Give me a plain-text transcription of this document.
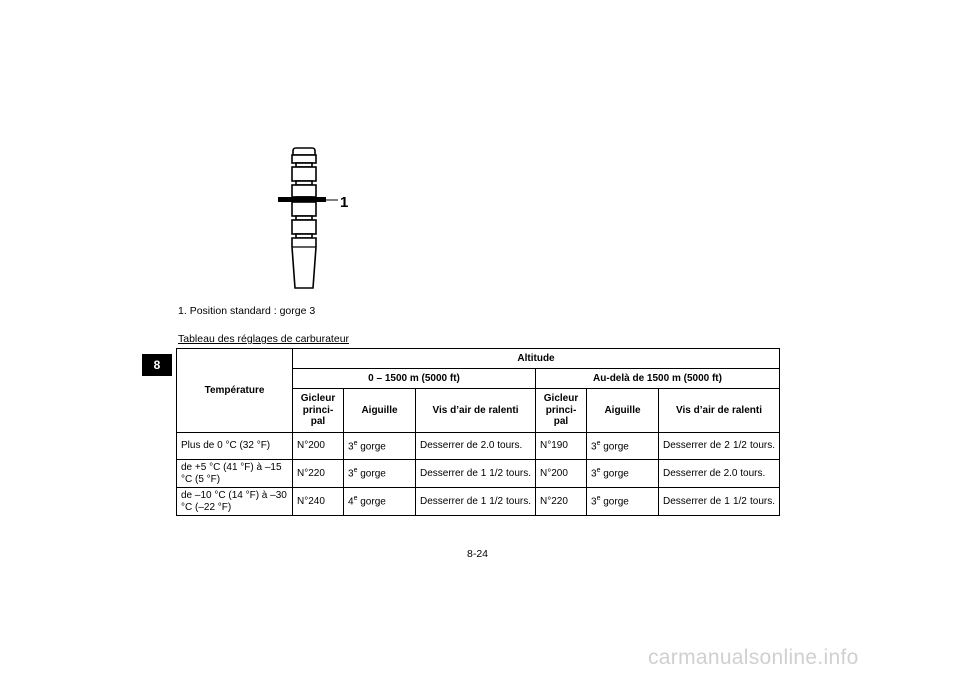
8
1
1. Position standard : gorge 3
Tableau des réglages de carburateur
Température	Altitude					
	0 – 1500 m (5000 ft)			Au-delà de 1500 m (5000 ft)		
	Gicleur princi-pal	Aiguille	Vis d’air de ralenti	Gicleur princi-pal	Aiguille	Vis d’air de ralenti
Plus de 0 °C (32 °F)	N°200	3e gorge	Desserrer de 2.0 tours.	N°190	3e gorge	Desserrer de 2 1/2 tours.
de +5 °C (41 °F) à –15 °C (5 °F)	N°220	3e gorge	Desserrer de 1 1/2 tours.	N°200	3e gorge	Desserrer de 2.0 tours.
de –10 °C (14 °F) à –30 °C (–22 °F)	N°240	4e gorge	Desserrer de 1 1/2 tours.	N°220	3e gorge	Desserrer de 1 1/2 tours.
8-24
carmanualsonline.info
